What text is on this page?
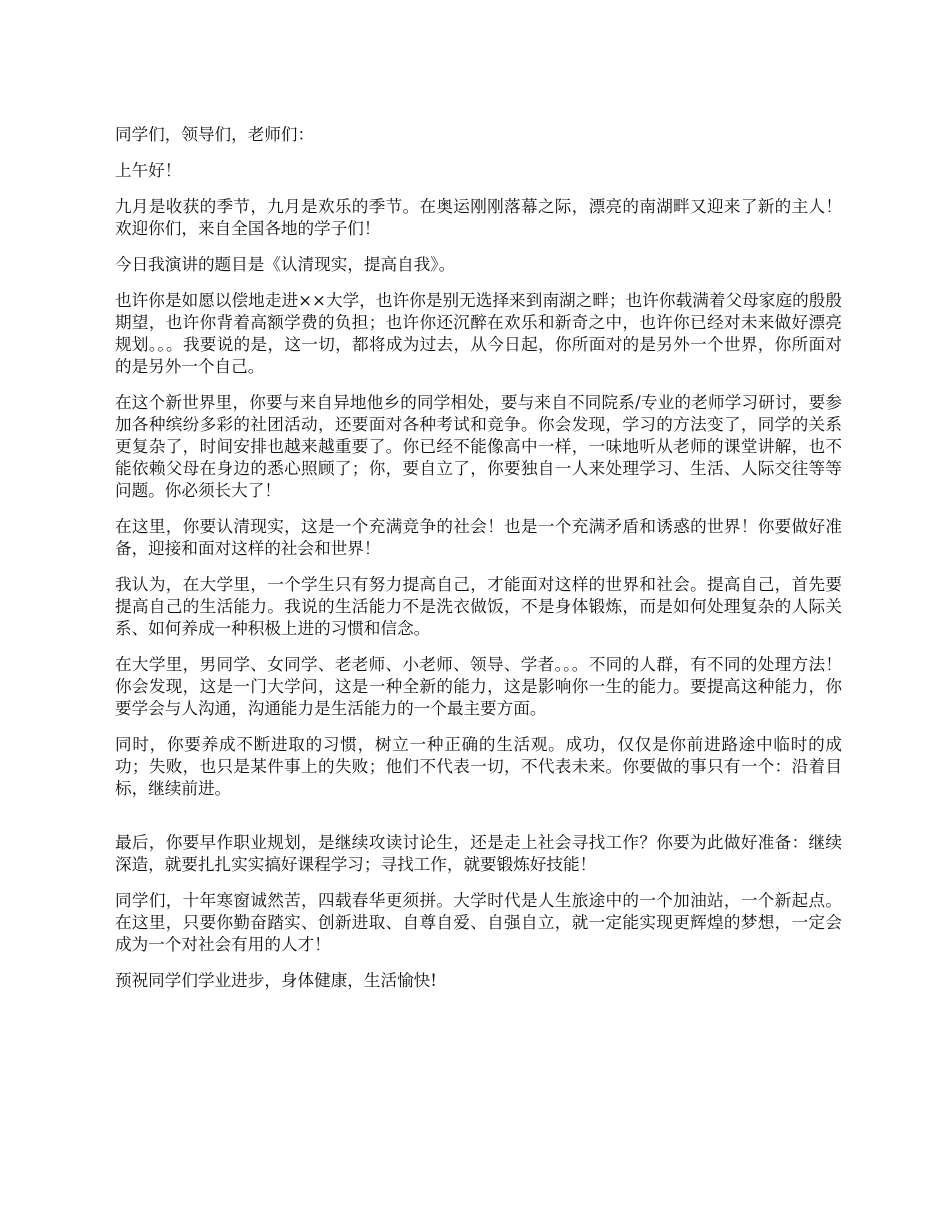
同学们，领导们，老师们：

上午好！

九月是收获的季节，九月是欢乐的季节。在奥运刚刚落幕之际，漂亮的南湖畔又迎来了新的主人！欢迎你们，来自全国各地的学子们！

今日我演讲的题目是《认清现实，提高自我》。

也许你是如愿以偿地走进××大学，也许你是别无选择来到南湖之畔；也许你载满着父母家庭的殷殷期望，也许你背着高额学费的负担；也许你还沉醉在欢乐和新奇之中，也许你已经对未来做好漂亮规划。。。我要说的是，这一切，都将成为过去，从今日起，你所面对的是另外一个世界，你所面对的是另外一个自己。

在这个新世界里，你要与来自异地他乡的同学相处，要与来自不同院系/专业的老师学习研讨，要参加各种缤纷多彩的社团活动，还要面对各种考试和竞争。你会发现，学习的方法变了，同学的关系更复杂了，时间安排也越来越重要了。你已经不能像高中一样，一味地听从老师的课堂讲解，也不能依赖父母在身边的悉心照顾了；你，要自立了，你要独自一人来处理学习、生活、人际交往等等问题。你必须长大了！

在这里，你要认清现实，这是一个充满竞争的社会！也是一个充满矛盾和诱惑的世界！你要做好准备，迎接和面对这样的社会和世界！

我认为，在大学里，一个学生只有努力提高自己，才能面对这样的世界和社会。提高自己，首先要提高自己的生活能力。我说的生活能力不是洗衣做饭，不是身体锻炼，而是如何处理复杂的人际关系、如何养成一种积极上进的习惯和信念。

在大学里，男同学、女同学、老老师、小老师、领导、学者。。。不同的人群，有不同的处理方法！你会发现，这是一门大学问，这是一种全新的能力，这是影响你一生的能力。要提高这种能力，你要学会与人沟通，沟通能力是生活能力的一个最主要方面。

同时，你要养成不断进取的习惯，树立一种正确的生活观。成功，仅仅是你前进路途中临时的成功；失败，也只是某件事上的失败；他们不代表一切，不代表未来。你要做的事只有一个：沿着目标，继续前进。

最后，你要早作职业规划，是继续攻读讨论生，还是走上社会寻找工作？你要为此做好准备：继续深造，就要扎扎实实搞好课程学习；寻找工作，就要锻炼好技能！

同学们，十年寒窗诚然苦，四载春华更须拼。大学时代是人生旅途中的一个加油站，一个新起点。在这里，只要你勤奋踏实、创新进取、自尊自爱、自强自立，就一定能实现更辉煌的梦想，一定会成为一个对社会有用的人才！

预祝同学们学业进步，身体健康，生活愉快!
